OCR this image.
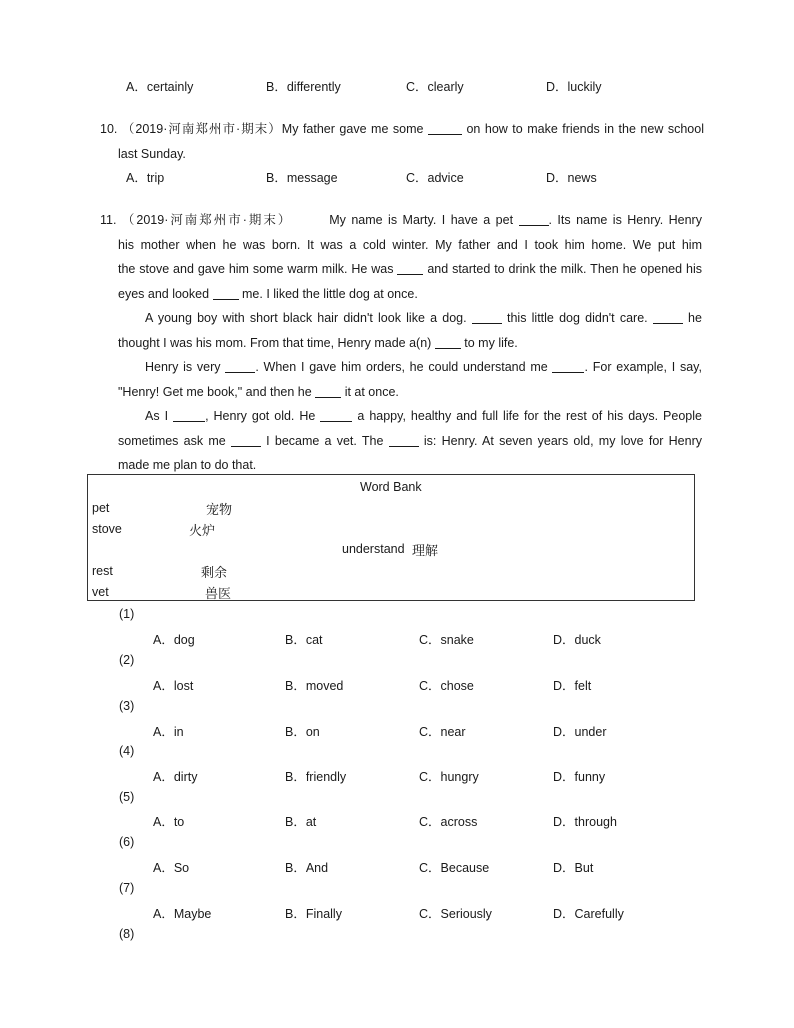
A．certainly	B．differently	C．clearly	D．luckily
10. （2019·河南郑州市·期末）My father gave me some	on how to make friends in the new school
last Sunday.
A．trip	B．message	C．advice	D．news
11. （2019·河南郑州市·期末）	My name is Marty. I have a pet	. Its name is Henry. Henry
his mother when he was born. It was a cold winter. My father and I took him home. We put him
the stove and gave him some warm milk. He was	and started to drink the milk. Then he opened his
eyes and looked	me. I liked the little dog at once.
A young boy with short black hair didn't look like a dog.	this little dog didn't care.	he
thought I was his mom. From that time, Henry made a(n)	to my life.
Henry is very	. When I gave him orders, he could understand me	. For example, I say,
"Henry! Get me book," and then he	it at once.
As I	, Henry got old. He	a happy, healthy and full life for the rest of his days. People
sometimes ask me	I became a vet. The	is: Henry. At seven years old, my love for Henry
made me plan to do that.
Word Bank
pet	宠物
stove	火炉
understand 理解
rest	剩余
vet	兽医
(1)
A．dog	B．cat	C．snake	D．duck
(2)
A．lost	B．moved	C．chose	D．felt
(3)
A．in	B．on	C．near	D．under
(4)
A．dirty	B．friendly	C．hungry	D．funny
(5)
A．to	B．at	C．across	D．through
(6)
A．So	B．And	C．Because	D．But
(7)
A．Maybe	B．Finally	C．Seriously	D．Carefully
(8)
